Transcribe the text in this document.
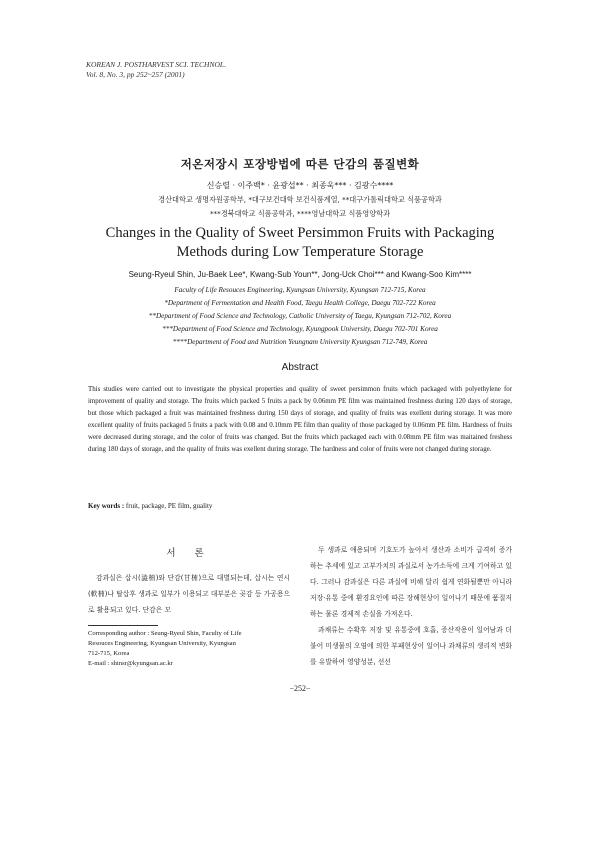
KOREAN J. POSTHARVEST SCI. TECHNOL.
Vol. 8, No. 3, pp 252~257 (2001)
저온저장시 포장방법에 따른 단감의 품질변화
신승렬 · 이주백* · 윤광섭** · 최종욱*** · 김광수****
경산대학교 생명자원공학부, *대구보건대학 보건식품계열, **대구가톨릭대학교 식품공학과
***경북대학교 식품공학과, ****영남대학교 식품영양학과
Changes in the Quality of Sweet Persimmon Fruits with Packaging
Methods during Low Temperature Storage
Seung-Ryeul Shin, Ju-Baek Lee*, Kwang-Sub Youn**, Jong-Uck Choi*** and Kwang-Soo Kim****
Faculty of Life Resouces Engineering, Kyungsan University, Kyungsan 712-715, Korea
*Department of Fermentation and Health Food, Taegu Health College, Daegu 702-722 Korea
**Department of Food Science and Technology, Catholic University of Taegu, Kyungsan 712-702, Korea
***Department of Food Science and Technology, Kyungpook University, Daegu 702-701 Korea
****Department of Food and Nutrition Yeungnam University Kyungsan 712-749, Korea
Abstract
This studies were carried out to investigate the physical properties and quality of sweet persimmon fruits which packaged with polyethylene for improvement of quality and storage. The fruits which packed 5 fruits a pack by 0.06mm PE film was maintained freshness during 120 days of storage, but those which packaged a fruit was maintained freshness during 150 days of storage, and quality of fruits was exellent during storage. It was more excellent quality of fruits packaged 5 fruits a pack with 0.08 and 0.10mm PE film than quality of those packaged by 0.06mm PE film. Hardness of fruits were decreased during storage, and the color of fruits was changed. But the fruits which packaged each with 0.08mm PE film was maitained freshess during 180 days of storage, and the quality of fruits was exellent during storage. The hardness and color of fruits were not changed during storage.
Key words : fruit, package, PE film, guality
서 론
감과실은 삽시(澁枾)와 단감(甘枾)으로 대별되는데, 삽시는 연시(軟枾)나 탈삽후 생과로 일부가 이용되고 대부분은 곶감 등 가공용으로 활용되고 있다. 단감은 모

두 생과로 애용되며 기호도가 높아서 생산과 소비가 급격히 증가하는 추세에 있고 고부가치의 과실로서 농가소득에 크게 기여하고 있다. 그러나 감과실은 다른 과실에 비해 달리 쉽게 연화될뿐만 아니라 저장·유통 중에 환경요인에 따른 장해현상이 일어나기 때문에 품질저하는 물론 경제적 손실을 가져온다.

과채류는 수확후 저장 및 유통중에 호흡, 증산작용이 일어남과 더불어 미생물의 오염에 의한 부패현상이 일어나 과채류의 생리적 변화를 유발하여 영양성분, 선선

Corresponding author : Seung-Ryeul Shin, Faculty of Life
Resouces Engineering, Kyungsan University, Kyungsan
712-715, Korea
E-mail : shinsr@kyungsan.ac.kr
−252−
